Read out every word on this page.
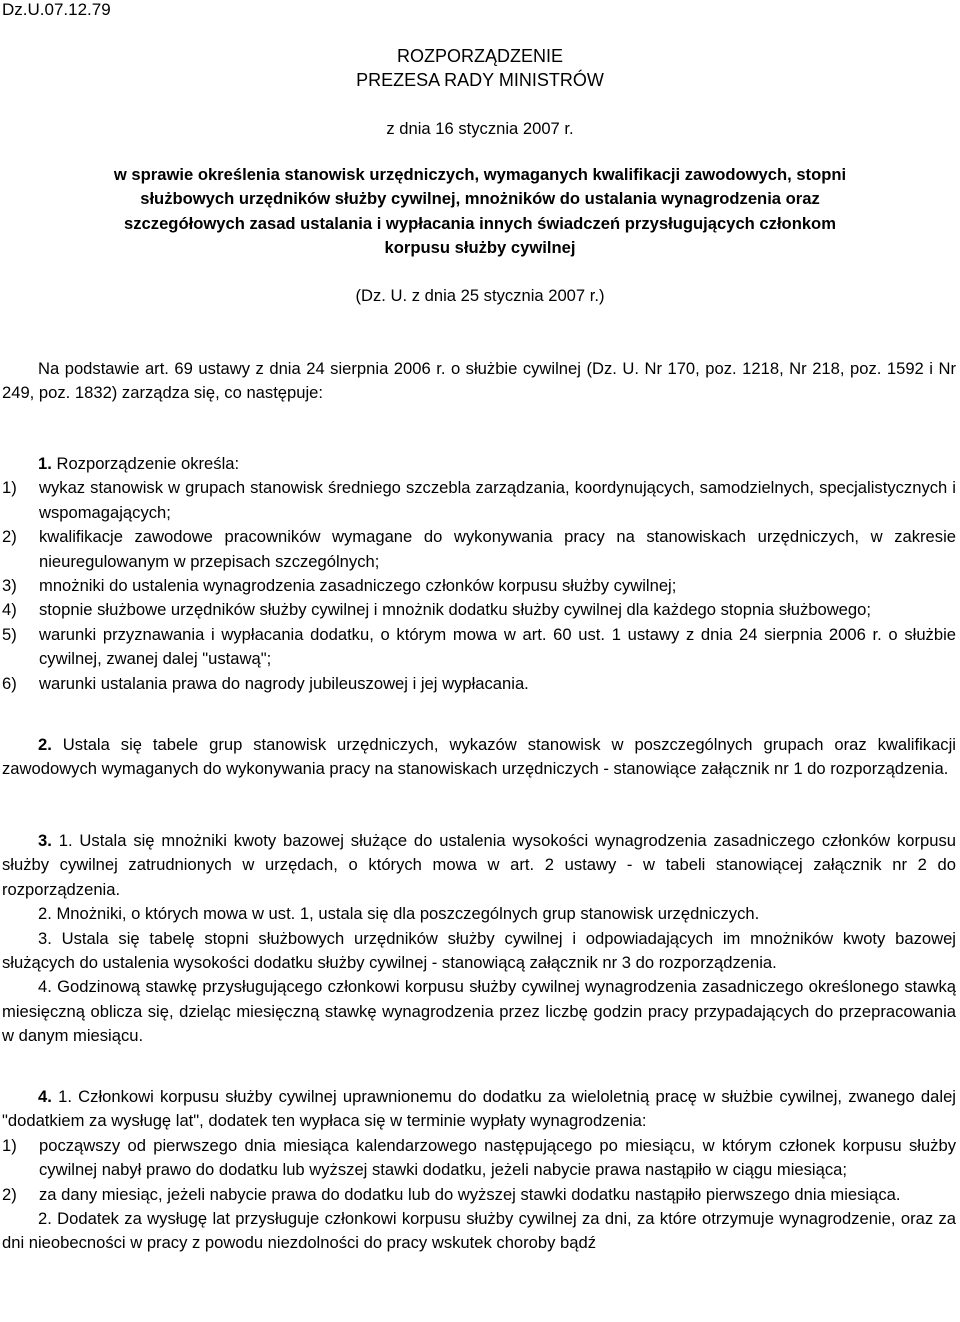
Dz.U.07.12.79
ROZPORZĄDZENIE
PREZESA RADY MINISTRÓW
z dnia 16 stycznia 2007 r.
w sprawie określenia stanowisk urzędniczych, wymaganych kwalifikacji zawodowych, stopni
służbowych urzędników służby cywilnej, mnożników do ustalania wynagrodzenia oraz
szczegółowych zasad ustalania i wypłacania innych świadczeń przysługujących członkom
korpusu służby cywilnej
(Dz. U. z dnia 25 stycznia 2007 r.)
Na podstawie art. 69 ustawy z dnia 24 sierpnia 2006 r. o służbie cywilnej (Dz. U. Nr 170, poz. 1218, Nr 218, poz. 1592 i Nr 249, poz. 1832) zarządza się, co następuje:
1. Rozporządzenie określa:
1)	wykaz stanowisk w grupach stanowisk średniego szczebla zarządzania, koordynujących, samodzielnych, specjalistycznych i wspomagających;
2)	kwalifikacje zawodowe pracowników wymagane do wykonywania pracy na stanowiskach urzędniczych, w zakresie nieuregulowanym w przepisach szczególnych;
3)	mnożniki do ustalenia wynagrodzenia zasadniczego członków korpusu służby cywilnej;
4)	stopnie służbowe urzędników służby cywilnej i mnożnik dodatku służby cywilnej dla każdego stopnia służbowego;
5)	warunki przyznawania i wypłacania dodatku, o którym mowa w art. 60 ust. 1 ustawy z dnia 24 sierpnia 2006 r. o służbie cywilnej, zwanej dalej "ustawą";
6)	warunki ustalania prawa do nagrody jubileuszowej i jej wypłacania.
2. Ustala się tabele grup stanowisk urzędniczych, wykazów stanowisk w poszczególnych grupach oraz kwalifikacji zawodowych wymaganych do wykonywania pracy na stanowiskach urzędniczych - stanowiące załącznik nr 1 do rozporządzenia.
3. 1. Ustala się mnożniki kwoty bazowej służące do ustalenia wysokości wynagrodzenia zasadniczego członków korpusu służby cywilnej zatrudnionych w urzędach, o których mowa w art. 2 ustawy - w tabeli stanowiącej załącznik nr 2 do rozporządzenia.
2. Mnożniki, o których mowa w ust. 1, ustala się dla poszczególnych grup stanowisk urzędniczych.
3. Ustala się tabelę stopni służbowych urzędników służby cywilnej i odpowiadających im mnożników kwoty bazowej służących do ustalenia wysokości dodatku służby cywilnej - stanowiącą załącznik nr 3 do rozporządzenia.
4. Godzinową stawkę przysługującego członkowi korpusu służby cywilnej wynagrodzenia zasadniczego określonego stawką miesięczną oblicza się, dzieląc miesięczną stawkę wynagrodzenia przez liczbę godzin pracy przypadających do przepracowania w danym miesiącu.
4. 1. Członkowi korpusu służby cywilnej uprawnionemu do dodatku za wieloletnią pracę w służbie cywilnej, zwanego dalej "dodatkiem za wysługę lat", dodatek ten wypłaca się w terminie wypłaty wynagrodzenia:
1)	począwszy od pierwszego dnia miesiąca kalendarzowego następującego po miesiącu, w którym członek korpusu służby cywilnej nabył prawo do dodatku lub wyższej stawki dodatku, jeżeli nabycie prawa nastąpiło w ciągu miesiąca;
2)	za dany miesiąc, jeżeli nabycie prawa do dodatku lub do wyższej stawki dodatku nastąpiło pierwszego dnia miesiąca.
2. Dodatek za wysługę lat przysługuje członkowi korpusu służby cywilnej za dni, za które otrzymuje wynagrodzenie, oraz za dni nieobecności w pracy z powodu niezdolności do pracy wskutek choroby bądź
